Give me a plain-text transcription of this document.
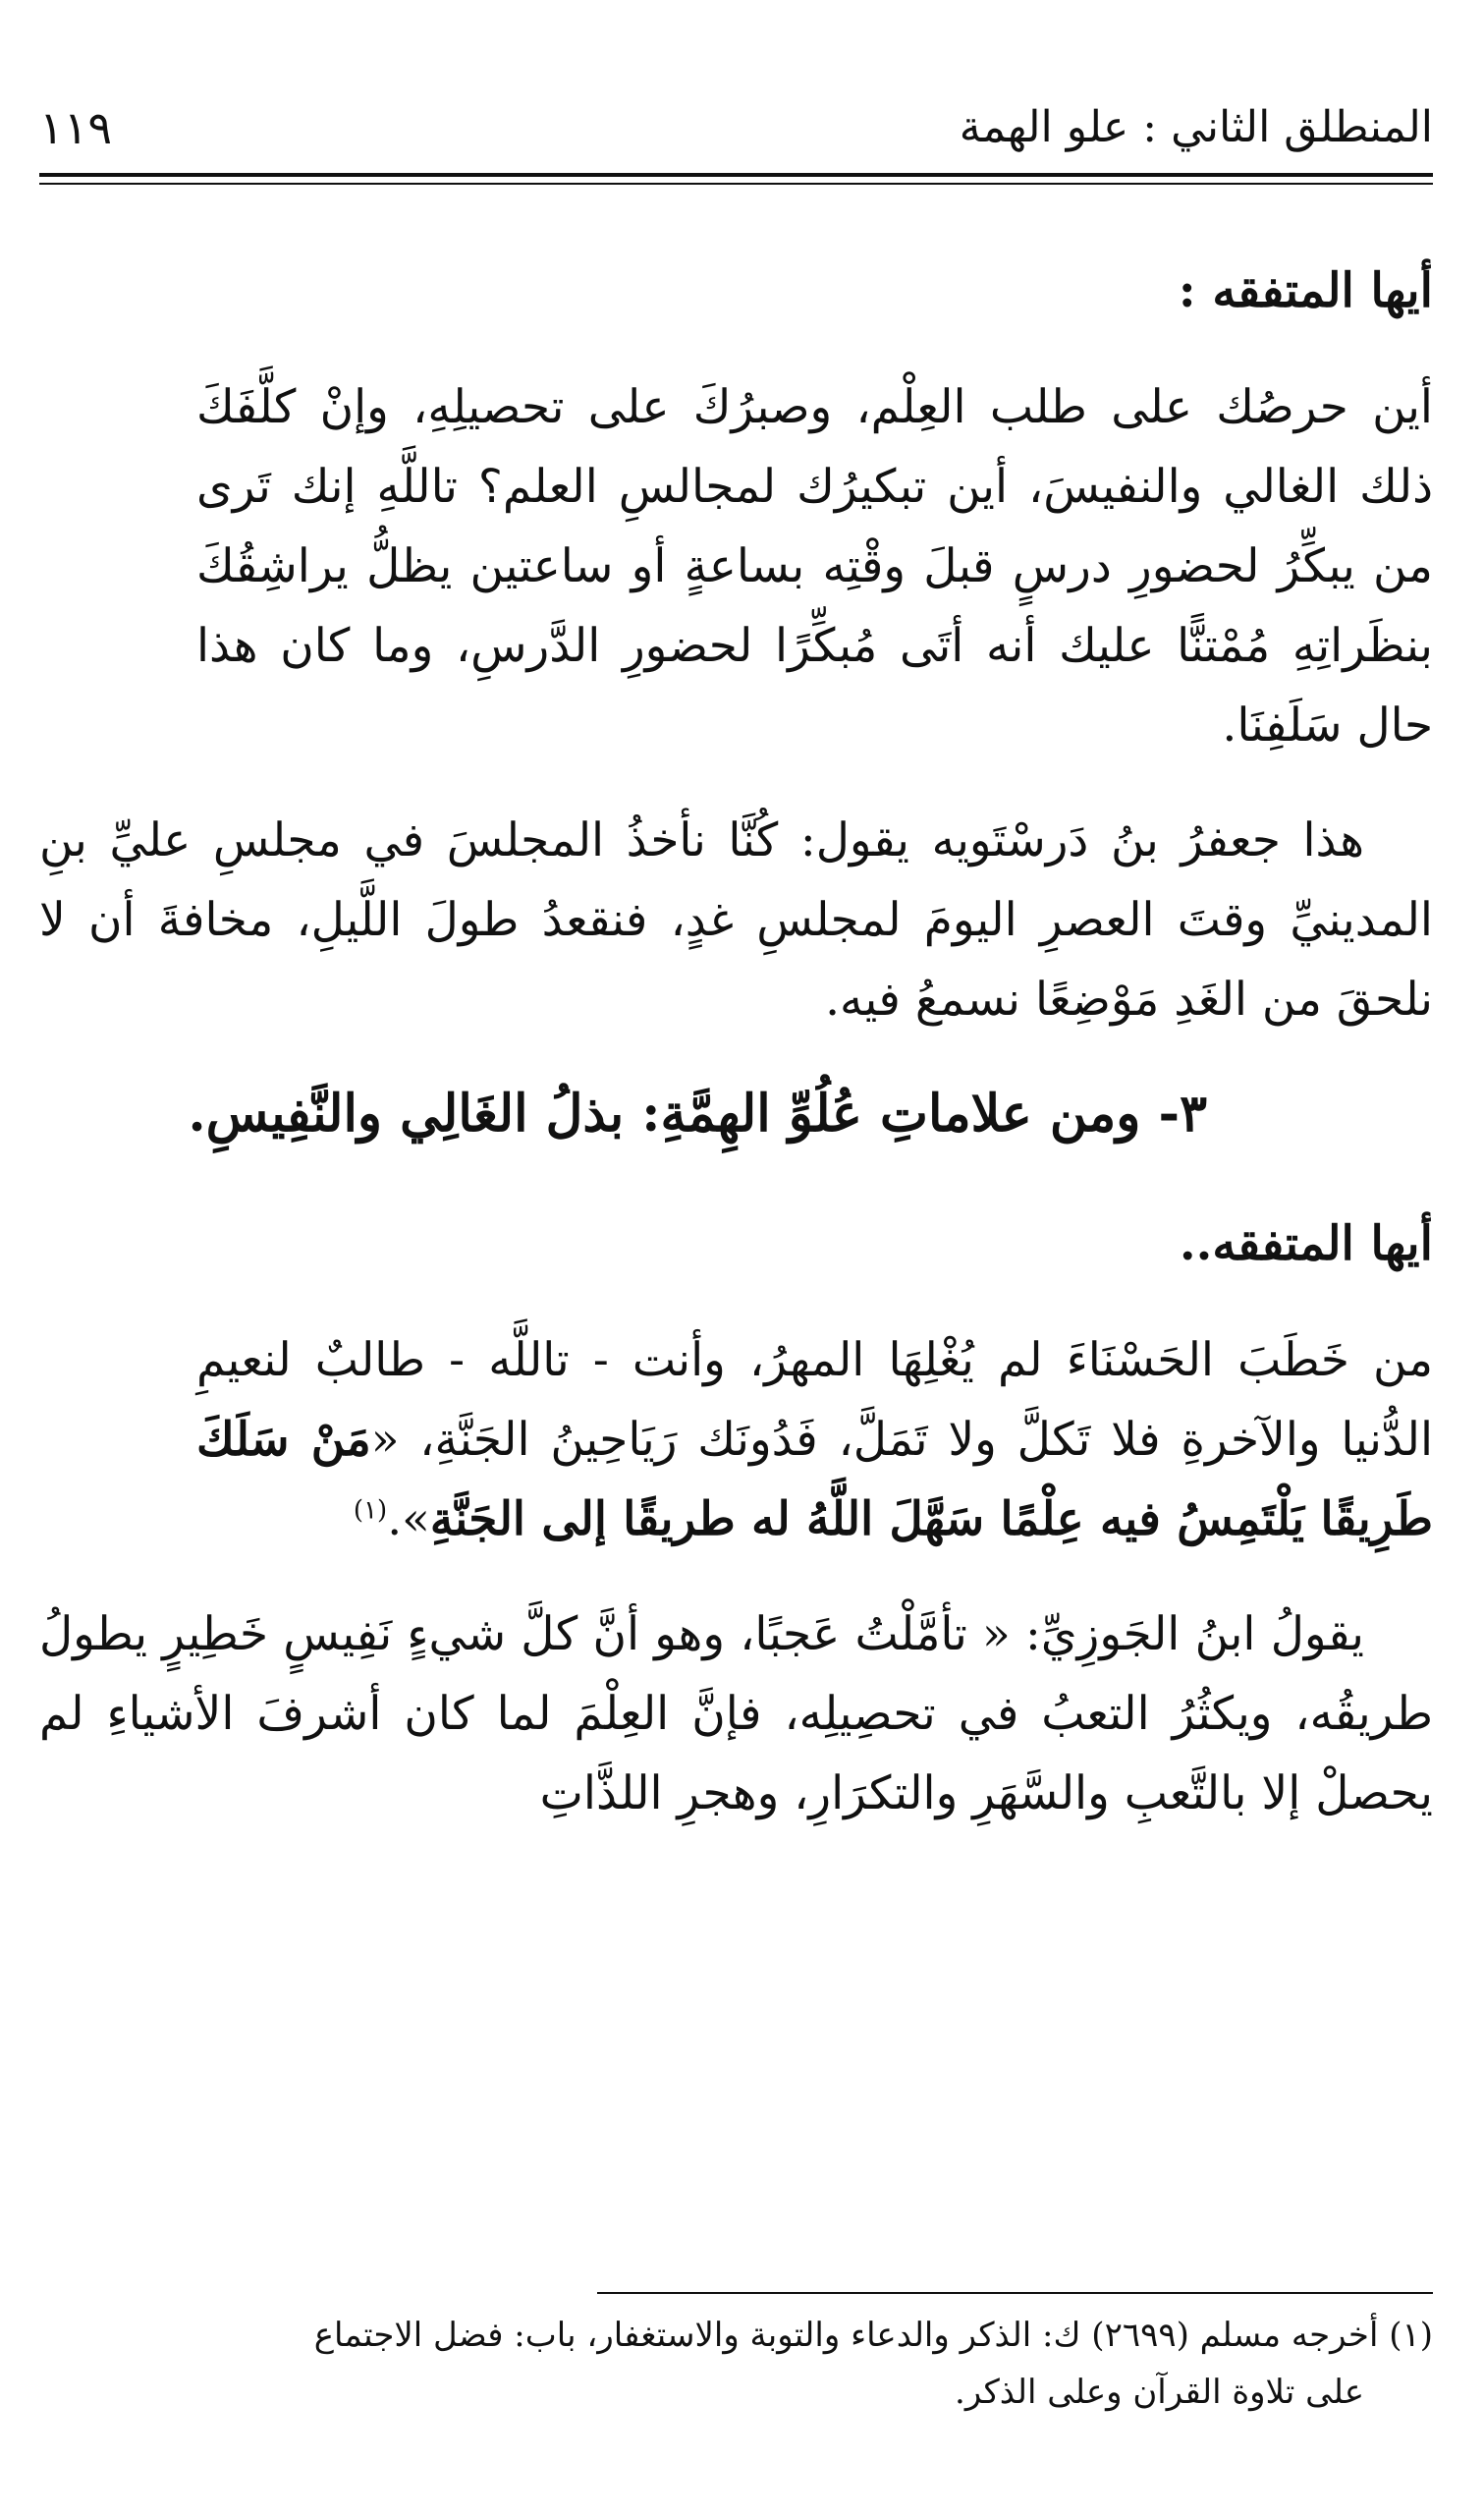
المنطلق الثاني : علو الهمة
١١٩
أيها المتفقه :

أين حرصُك على طلب العِلْم، وصبرُكَ على تحصيلِهِ، وإنْ كلَّفَكَ ذلك الغالي والنفيسَ، أين تبكيرُك لمجالسِ العلم؟ تاللَّهِ إنك تَرى من يبكِّرُ لحضورِ درسٍ قبلَ وقْتِه بساعةٍ أو ساعتين يظلُّ يراشِقُكَ بنظَراتِهِ مُمْتنًّا عليك أنه أتَى مُبكِّرًا لحضورِ الدَّرسِ، وما كان هذا حال سَلَفِنَا.

هذا جعفرُ بنُ دَرسْتَويه يقول: كُنَّا نأخذُ المجلسَ في مجلسِ عليِّ بنِ المدينيِّ وقتَ العصرِ اليومَ لمجلسِ غدٍ، فنقعدُ طولَ اللَّيلِ، مخافةَ أن لا نلحقَ من الغَدِ مَوْضِعًا نسمعُ فيه.

٣- ومن علاماتِ عُلُوِّ الهِمَّةِ: بذلُ الغَالِي والنَّفِيسِ.
أيها المتفقه..

من خَطَبَ الحَسْنَاءَ لم يُغْلِهَا المهرُ، وأنت - تاللَّه - طالبٌ لنعيمِ الدُّنيا والآخرةِ فلا تَكلَّ ولا تَمَلَّ، فَدُونَك رَيَاحِينُ الجَنَّةِ، «مَنْ سَلَكَ طَرِيقًا يَلْتَمِسُ فيه عِلْمًا سَهَّلَ اللَّهُ له طريقًا إلى الجَنَّةِ».$^{(١)}$

يقولُ ابنُ الجَوزِيِّ: « تأمَّلْتُ عَجبًا، وهو أنَّ كلَّ شيءٍ نَفِيسٍ خَطِيرٍ يطولُ طريقُه، ويكثُرُ التعبُ في تحصِيلِه، فإنَّ العِلْمَ لما كان أشرفَ الأشياءِ لم يحصلْ إلا بالتَّعبِ والسَّهَرِ والتكرَارِ، وهجرِ اللذَّاتِ

(١) أخرجه مسلم (٢٦٩٩) ك: الذكر والدعاء والتوبة والاستغفار، باب: فضل الاجتماع

على تلاوة القرآن وعلى الذكر.
